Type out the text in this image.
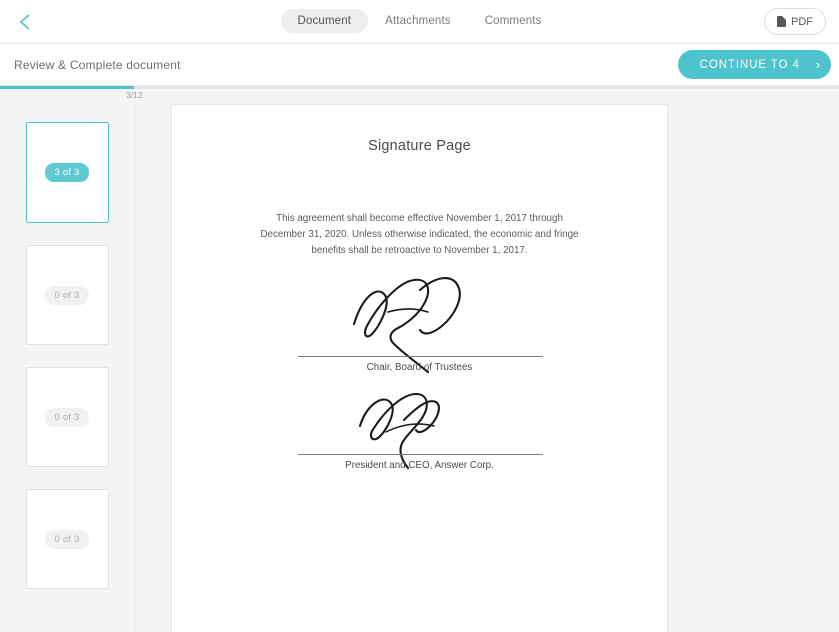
Document	Attachments	Comments	PDF
Review & Complete document	CONTINUE TO 4 ›
3/12
3 of 3
0 of 3
0 of 3
0 of 3
Signature Page
This agreement shall become effective November 1, 2017 through December 31, 2020. Unless otherwise indicated, the economic and fringe benefits shall be retroactive to November 1, 2017.
Chair, Board of Trustees
President and CEO, Answer Corp.
